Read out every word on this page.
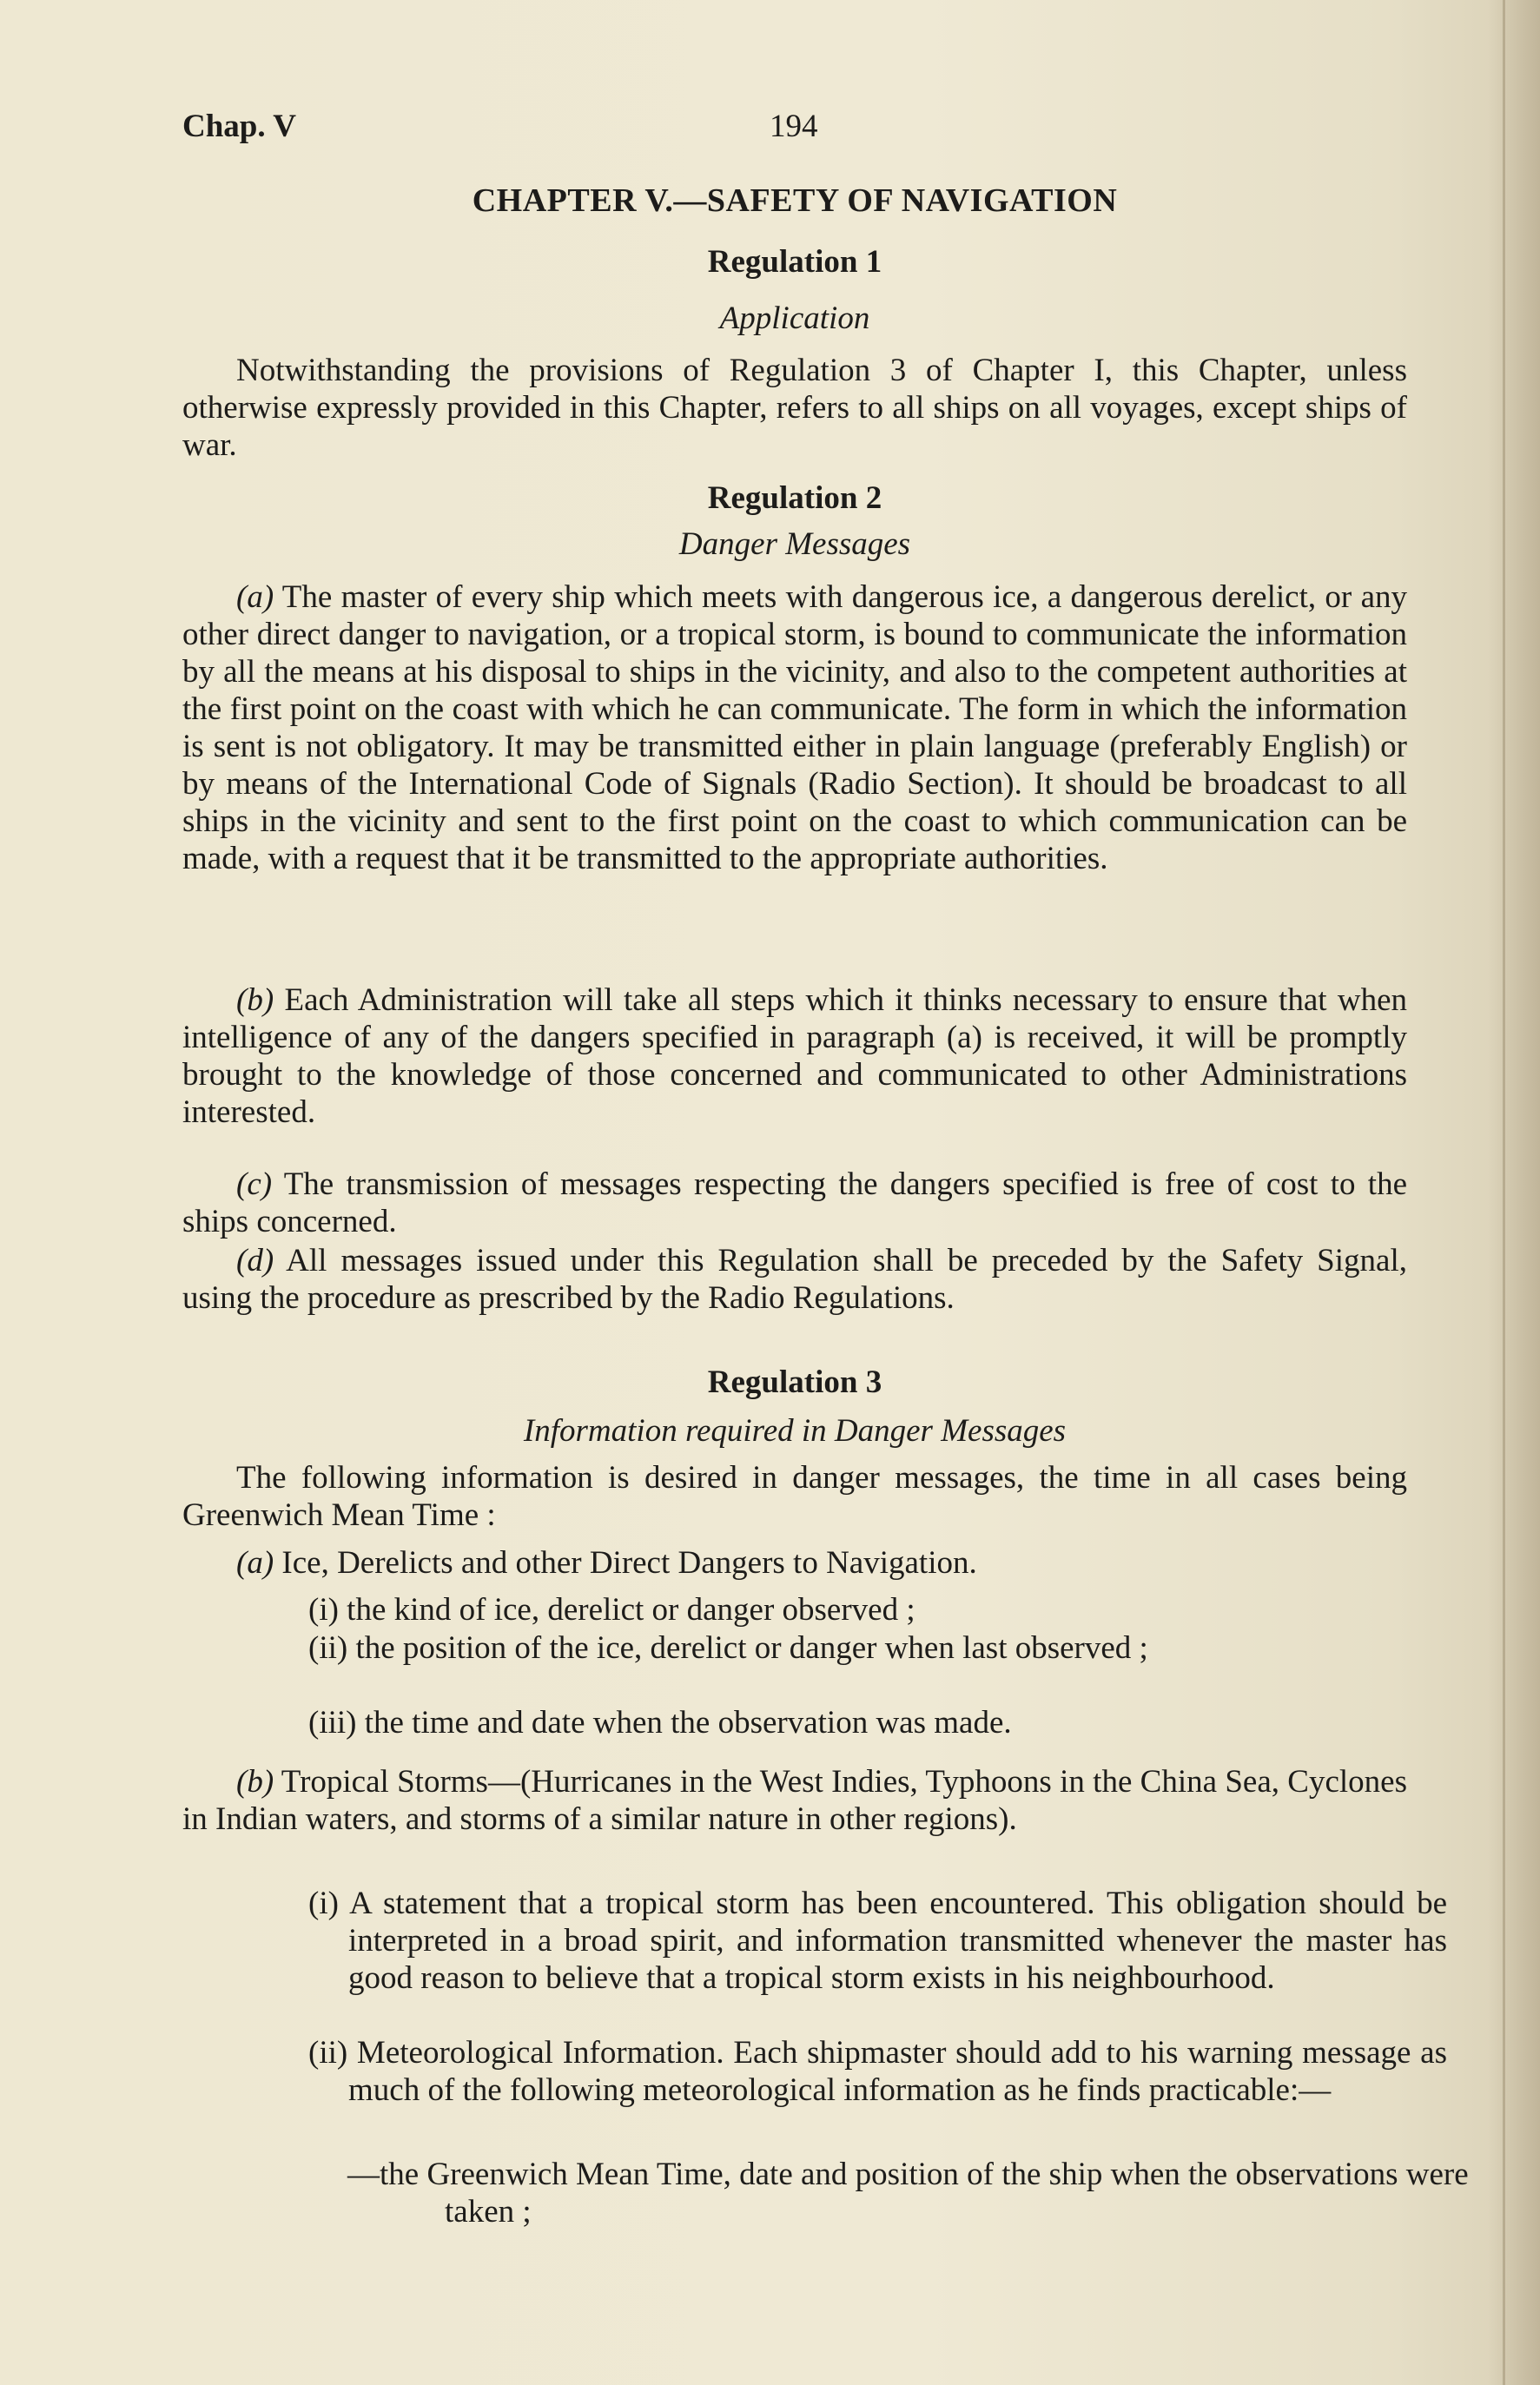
Chap. V	194
CHAPTER V.—SAFETY OF NAVIGATION
Regulation 1
Application
Notwithstanding the provisions of Regulation 3 of Chapter I, this Chapter, unless otherwise expressly provided in this Chapter, refers to all ships on all voyages, except ships of war.
Regulation 2
Danger Messages
(a) The master of every ship which meets with dangerous ice, a dangerous derelict, or any other direct danger to navigation, or a tropical storm, is bound to communicate the information by all the means at his disposal to ships in the vicinity, and also to the competent authorities at the first point on the coast with which he can communicate. The form in which the information is sent is not obligatory. It may be transmitted either in plain language (preferably English) or by means of the International Code of Signals (Radio Section). It should be broadcast to all ships in the vicinity and sent to the first point on the coast to which communication can be made, with a request that it be transmitted to the appropriate authorities.
(b) Each Administration will take all steps which it thinks necessary to ensure that when intelligence of any of the dangers specified in paragraph (a) is received, it will be promptly brought to the knowledge of those concerned and communicated to other Administrations interested.
(c) The transmission of messages respecting the dangers specified is free of cost to the ships concerned.
(d) All messages issued under this Regulation shall be preceded by the Safety Signal, using the procedure as prescribed by the Radio Regulations.
Regulation 3
Information required in Danger Messages
The following information is desired in danger messages, the time in all cases being Greenwich Mean Time :
(a) Ice, Derelicts and other Direct Dangers to Navigation.
(i) the kind of ice, derelict or danger observed ;
(ii) the position of the ice, derelict or danger when last observed ;
(iii) the time and date when the observation was made.
(b) Tropical Storms—(Hurricanes in the West Indies, Typhoons in the China Sea, Cyclones in Indian waters, and storms of a similar nature in other regions).
(i) A statement that a tropical storm has been encountered. This obligation should be interpreted in a broad spirit, and information transmitted whenever the master has good reason to believe that a tropical storm exists in his neighbourhood.
(ii) Meteorological Information. Each shipmaster should add to his warning message as much of the following meteorological information as he finds practicable:—
—the Greenwich Mean Time, date and position of the ship when the observations were taken ;
